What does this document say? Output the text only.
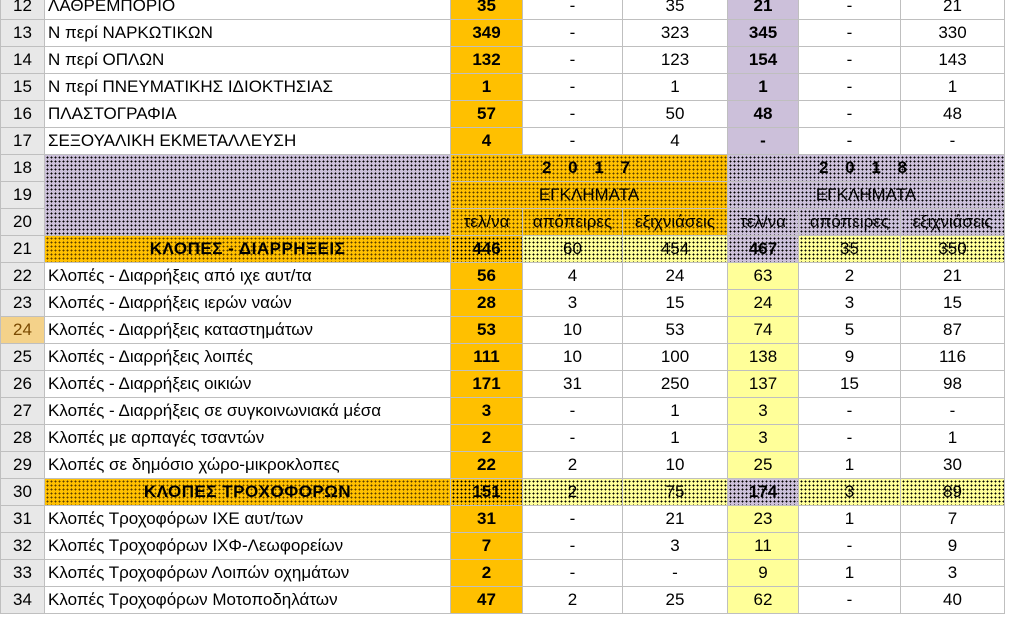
12	ΛΑΘΡΕΜΠΟΡΙΟ	35	-	35	21	-	21
13	Ν περί ΝΑΡΚΩΤΙΚΩΝ	349	-	323	345	-	330
14	Ν περί ΟΠΛΩΝ	132	-	123	154	-	143
15	Ν περί ΠΝΕΥΜΑΤΙΚΗΣ ΙΔΙΟΚΤΗΣΙΑΣ	1	-	1	1	-	1
16	ΠΛΑΣΤΟΓΡΑΦΙΑ	57	-	50	48	-	48
17	ΣΕΞΟΥΑΛΙΚΗ ΕΚΜΕΤΑΛΛΕΥΣΗ	4	-	4	-	-	-
18		2 0 1 7			2 0 1 8		
19		ΕΓΚΛΗΜΑΤΑ			ΕΓΚΛΗΜΑΤΑ		
20		τελ/να	απόπειρες	εξιχνιάσεις	τελ/να	απόπειρες	εξιχνιάσεις
21	ΚΛΟΠΕΣ - ΔΙΑΡΡΗΞΕΙΣ	446	60	454	467	35	350
22	Κλοπές - Διαρρήξεις από ιχε αυτ/τα	56	4	24	63	2	21
23	Κλοπές - Διαρρήξεις ιερών ναών	28	3	15	24	3	15
24	Κλοπές - Διαρρήξεις καταστημάτων	53	10	53	74	5	87
25	Κλοπές - Διαρρήξεις λοιπές	111	10	100	138	9	116
26	Κλοπές - Διαρρήξεις οικιών	171	31	250	137	15	98
27	Κλοπές - Διαρρήξεις σε συγκοινωνιακά μέσα	3	-	1	3	-	-
28	Κλοπές με αρπαγές τσαντών	2	-	1	3	-	1
29	Κλοπές σε δημόσιο χώρο-μικροκλοπες	22	2	10	25	1	30
30	ΚΛΟΠΕΣ ΤΡΟΧΟΦΟΡΩΝ	151	2	75	174	3	89
31	Κλοπές Τροχοφόρων ΙΧΕ αυτ/των	31	-	21	23	1	7
32	Κλοπές Τροχοφόρων ΙΧΦ-Λεωφορείων	7	-	3	11	-	9
33	Κλοπές Τροχοφόρων Λοιπών οχημάτων	2	-	-	9	1	3
34	Κλοπές Τροχοφόρων Μοτοποδηλάτων	47	2	25	62	-	40
